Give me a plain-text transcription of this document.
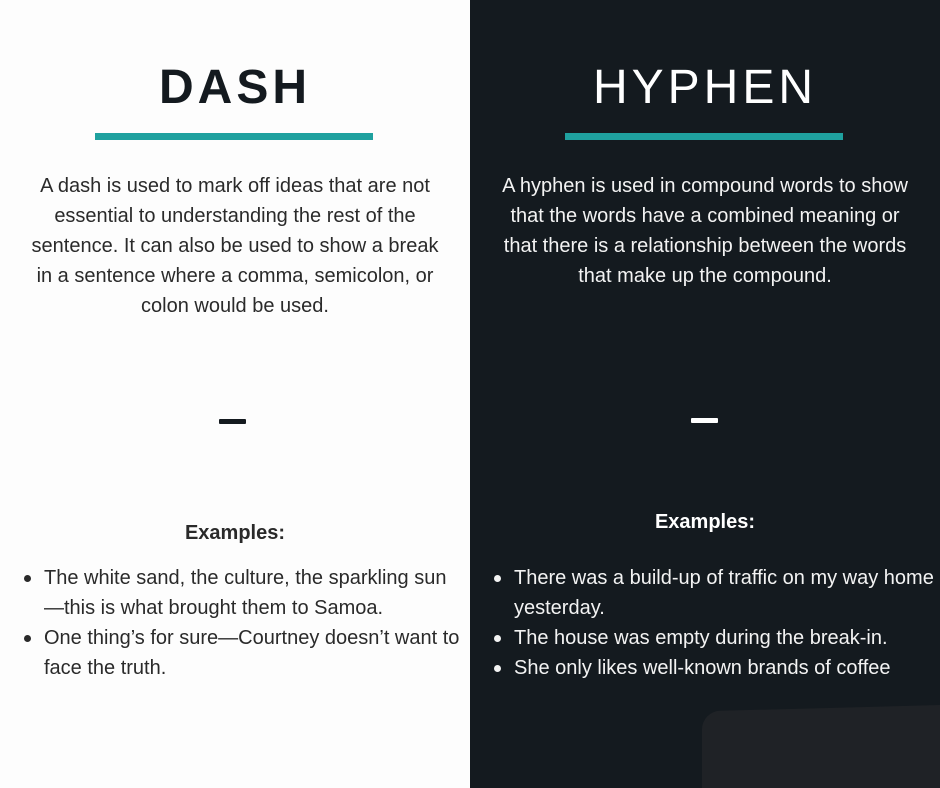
DASH

A dash is used to mark off ideas that are not essential to understanding the rest of the sentence. It can also be used to show a break in a sentence where a comma, semicolon, or colon would be used.

Examples:
The white sand, the culture, the sparkling sun—this is what brought them to Samoa.
One thing’s for sure—Courtney doesn’t want to face the truth.
HYPHEN

A hyphen is used in compound words to show that the words have a combined meaning or that there is a relationship between the words that make up the compound.

Examples:
There was a build-up of traffic on my way home yesterday.
The house was empty during the break-in.
She only likes well-known brands of coffee
